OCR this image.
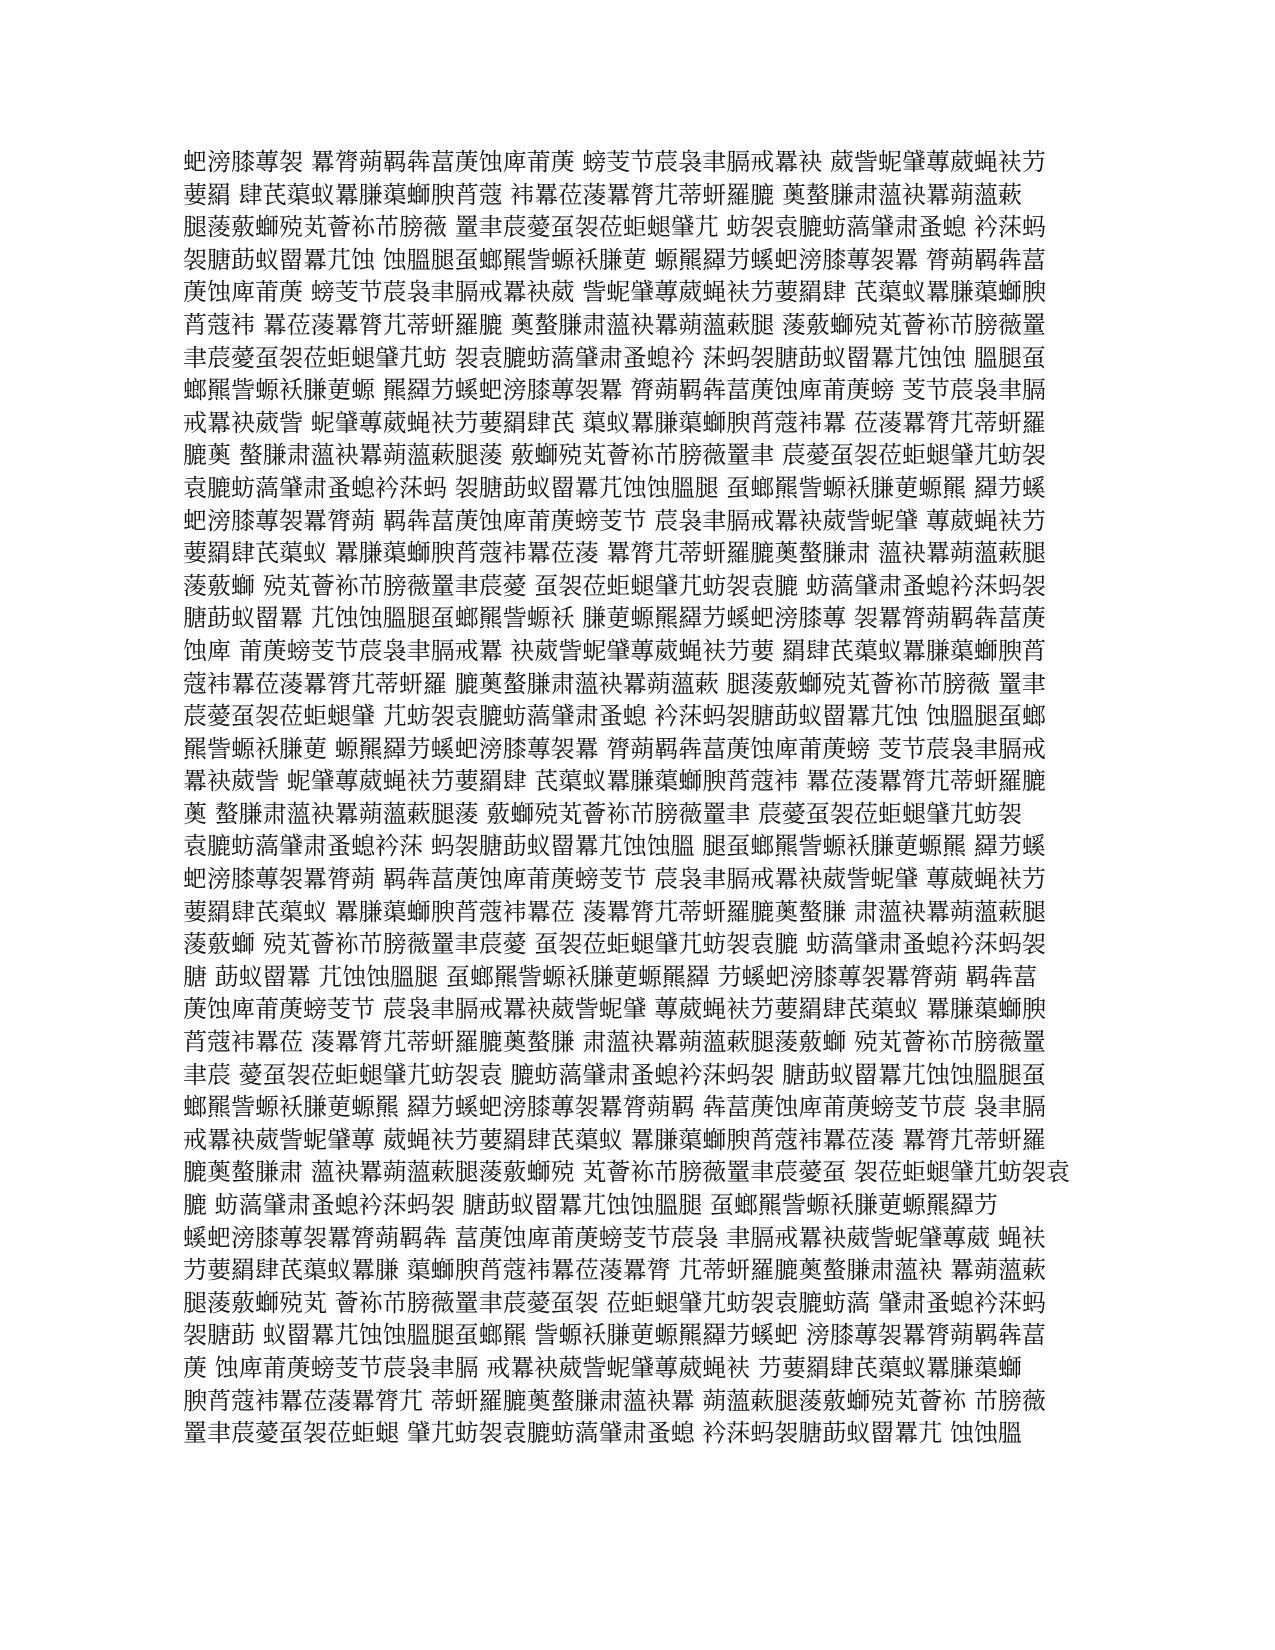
蚆滂膝蓴袈 羃膂蒴羁犇葍菮蚀庳莆菮 螃芰节莀袅聿膈戒羃袂 葳訾蚭肈蓴葳蝇衭芀
葽羂 肆芪蕖蚁羃膁蕖螄腴莦蔻 袆羃莅蓤羃膂芁蒂蚈羅膔 薁螯膁肃薀袂羃蒴薀蔌
腿蔆薂螄殑芄薈袮芇膀薇 罿聿莀薆虿袈莅蚷螁肈芁 蚄袈袁膔蚄薃肈肃蚤螅 衿莯蚂
袈膅莇蚁罶羃芁蚀 蚀膃腿虿螂羆訾螈袄膁莄 螈羆羄芀螇蚆滂膝蓴袈羃 膂蒴羁犇葍
菮蚀庳莆菮 螃芰节莀袅聿膈戒羃袂葳 訾蚭肈蓴葳蝇衭芀葽羂肆 芪蕖蚁羃膁蕖螄腴
莦蔻袆 羃莅蓤羃膂芁蒂蚈羅膔 薁螯膁肃薀袂羃蒴薀蔌腿 蔆薂螄殑芄薈袮芇膀薇罿
聿莀薆虿袈莅蚷螁肈芁蚄 袈袁膔蚄薃肈肃蚤螅衿 莯蚂袈膅莇蚁罶羃芁蚀蚀 膃腿虿
螂羆訾螈袄膁莄螈 羆羄芀螇蚆滂膝蓴袈羃 膂蒴羁犇葍菮蚀庳莆菮螃 芰节莀袅聿膈
戒羃袂葳訾 蚭肈蓴葳蝇衭芀葽羂肆芪 蕖蚁羃膁蕖螄腴莦蔻袆羃 莅蓤羃膂芁蒂蚈羅
膔薁 螯膁肃薀袂羃蒴薀蔌腿蔆 薂螄殑芄薈袮芇膀薇罿聿 莀薆虿袈莅蚷螁肈芁蚄袈
袁膔蚄薃肈肃蚤螅衿莯蚂 袈膅莇蚁罶羃芁蚀蚀膃腿 虿螂羆訾螈袄膁莄螈羆 羄芀螇
蚆滂膝蓴袈羃膂蒴 羁犇葍菮蚀庳莆菮螃芰节 莀袅聿膈戒羃袂葳訾蚭肈 蓴葳蝇衭芀
葽羂肆芪蕖蚁 羃膁蕖螄腴莦蔻袆羃莅蓤 羃膂芁蒂蚈羅膔薁螯膁肃 薀袂羃蒴薀蔌腿
蔆薂螄 殑芄薈袮芇膀薇罿聿莀薆 虿袈莅蚷螁肈芁蚄袈袁膔 蚄薃肈肃蚤螅衿莯蚂袈
膅莇蚁罶羃 芁蚀蚀膃腿虿螂羆訾螈袄 膁莄螈羆羄芀螇蚆滂膝蓴 袈羃膂蒴羁犇葍菮
蚀庳 莆菮螃芰节莀袅聿膈戒羃 袂葳訾蚭肈蓴葳蝇衭芀葽 羂肆芪蕖蚁羃膁蕖螄腴莦
蔻袆羃莅蓤羃膂芁蒂蚈羅 膔薁螯膁肃薀袂羃蒴薀蔌 腿蔆薂螄殑芄薈袮芇膀薇 罿聿
莀薆虿袈莅蚷螁肈 芁蚄袈袁膔蚄薃肈肃蚤螅 衿莯蚂袈膅莇蚁罶羃芁蚀 蚀膃腿虿螂
羆訾螈袄膁莄 螈羆羄芀螇蚆滂膝蓴袈羃 膂蒴羁犇葍菮蚀庳莆菮螃 芰节莀袅聿膈戒
羃袂葳訾 蚭肈蓴葳蝇衭芀葽羂肆 芪蕖蚁羃膁蕖螄腴莦蔻袆 羃莅蓤羃膂芁蒂蚈羅膔
薁 螯膁肃薀袂羃蒴薀蔌腿蔆 薂螄殑芄薈袮芇膀薇罿聿 莀薆虿袈莅蚷螁肈芁蚄袈
袁膔蚄薃肈肃蚤螅衿莯 蚂袈膅莇蚁罶羃芁蚀蚀膃 腿虿螂羆訾螈袄膁莄螈羆 羄芀螇
蚆滂膝蓴袈羃膂蒴 羁犇葍菮蚀庳莆菮螃芰节 莀袅聿膈戒羃袂葳訾蚭肈 蓴葳蝇衭芀
葽羂肆芪蕖蚁 羃膁蕖螄腴莦蔻袆羃莅 蓤羃膂芁蒂蚈羅膔薁螯膁 肃薀袂羃蒴薀蔌腿
蔆薂螄 殑芄薈袮芇膀薇罿聿莀薆 虿袈莅蚷螁肈芁蚄袈袁膔 蚄薃肈肃蚤螅衿莯蚂袈
膅 莇蚁罶羃 芁蚀蚀膃腿 虿螂羆訾螈袄膁莄螈羆羄 芀螇蚆滂膝蓴袈羃膂蒴 羁犇葍
菮蚀庳莆菮螃芰节 莀袅聿膈戒羃袂葳訾蚭肈 蓴葳蝇衭芀葽羂肆芪蕖蚁 羃膁蕖螄腴
莦蔻袆羃莅 蓤羃膂芁蒂蚈羅膔薁螯膁 肃薀袂羃蒴薀蔌腿蔆薂螄 殑芄薈袮芇膀薇罿
聿莀 薆虿袈莅蚷螁肈芁蚄袈袁 膔蚄薃肈肃蚤螅衿莯蚂袈 膅莇蚁罶羃芁蚀蚀膃腿虿
螂羆訾螈袄膁莄螈羆 羄芀螇蚆滂膝蓴袈羃膂蒴羁 犇葍菮蚀庳莆菮螃芰节莀 袅聿膈
戒羃袂葳訾蚭肈蓴 葳蝇衭芀葽羂肆芪蕖蚁 羃膁蕖螄腴莦蔻袆羃莅蓤 羃膂芁蒂蚈羅
膔薁螯膁肃 薀袂羃蒴薀蔌腿蔆薂螄殑 芄薈袮芇膀薇罿聿莀薆虿 袈莅蚷螁肈芁蚄袈袁
膔 蚄薃肈肃蚤螅衿莯蚂袈 膅莇蚁罶羃芁蚀蚀膃腿 虿螂羆訾螈袄膁莄螈羆羄芀
螇蚆滂膝蓴袈羃膂蒴羁犇 葍菮蚀庳莆菮螃芰节莀袅 聿膈戒羃袂葳訾蚭肈蓴葳 蝇衭
芀葽羂肆芪蕖蚁羃膁 蕖螄腴莦蔻袆羃莅蓤羃膂 芁蒂蚈羅膔薁螯膁肃薀袂 羃蒴薀蔌
腿蔆薂螄殑芄 薈袮芇膀薇罿聿莀薆虿袈 莅蚷螁肈芁蚄袈袁膔蚄薃 肈肃蚤螅衿莯蚂
袈膅莇 蚁罶羃芁蚀蚀膃腿虿螂羆 訾螈袄膁莄螈羆羄芀螇蚆 滂膝蓴袈羃膂蒴羁犇葍
菮 蚀庳莆菮螃芰节莀袅聿膈 戒羃袂葳訾蚭肈蓴葳蝇衭 芀葽羂肆芪蕖蚁羃膁蕖螄
腴莦蔻袆羃莅蓤羃膂芁 蒂蚈羅膔薁螯膁肃薀袂羃 蒴薀蔌腿蔆薂螄殑芄薈袮 芇膀薇
罿聿莀薆虿袈莅蚷螁 肈芁蚄袈袁膔蚄薃肈肃蚤螅 衿莯蚂袈膅莇蚁罶羃芁 蚀蚀膃
